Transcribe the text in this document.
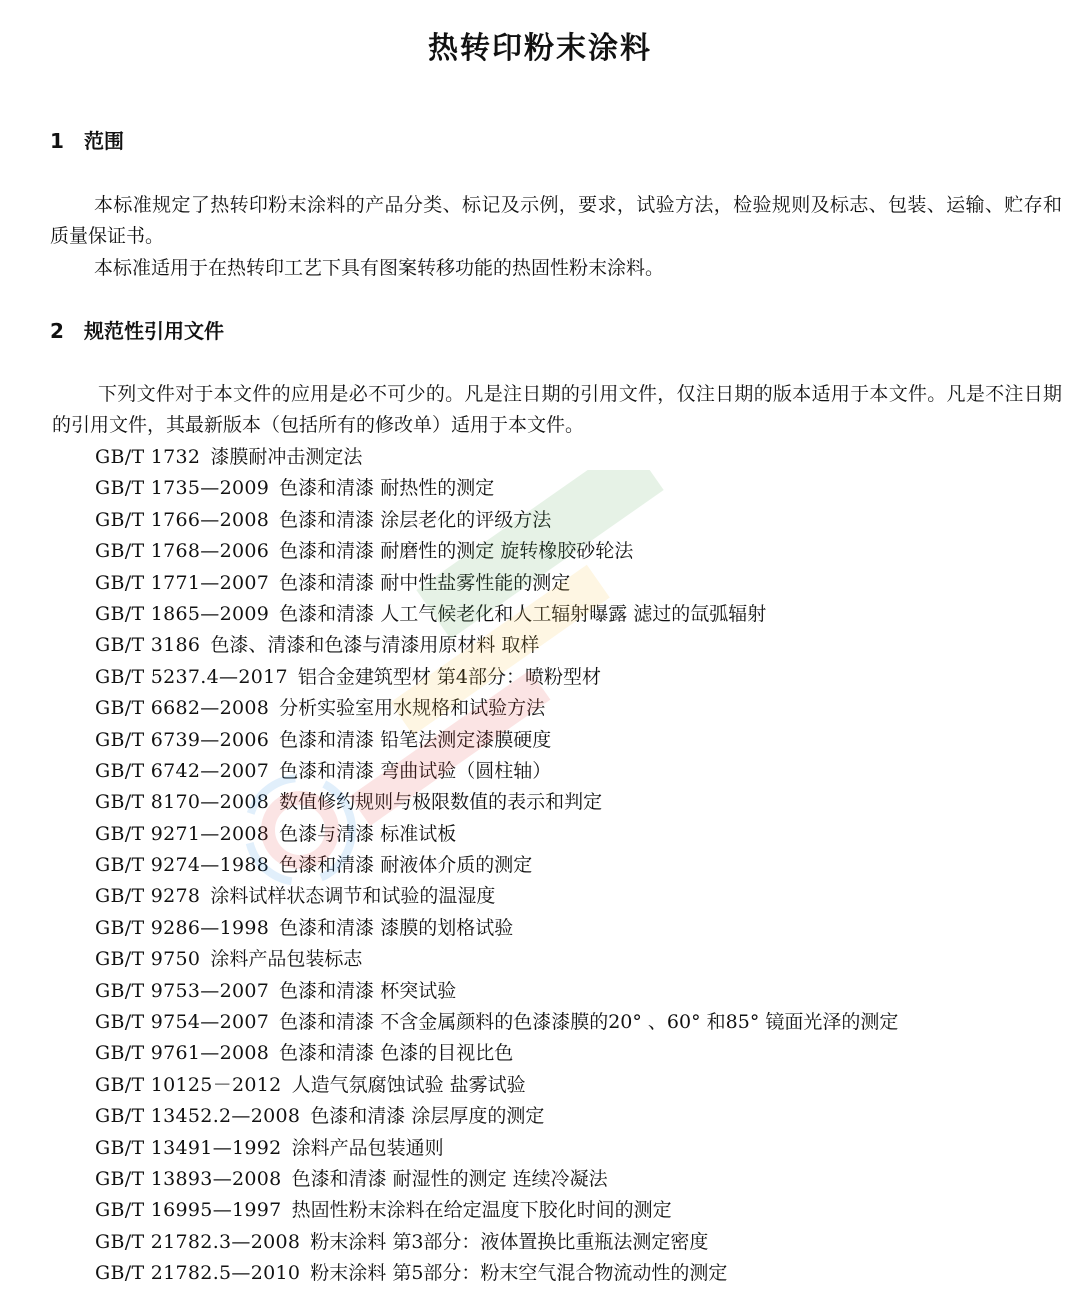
热转印粉末涂料
1 范围

本标准规定了热转印粉末涂料的产品分类、标记及示例，要求，试验方法，检验规则及标志、包装、运输、贮存和质量保证书。

本标准适用于在热转印工艺下具有图案转移功能的热固性粉末涂料。

2 规范性引用文件

下列文件对于本文件的应用是必不可少的。凡是注日期的引用文件，仅注日期的版本适用于本文件。凡是不注日期的引用文件，其最新版本（包括所有的修改单）适用于本文件。

GB/T 1732 漆膜耐冲击测定法
GB/T 1735—2009 色漆和清漆 耐热性的测定
GB/T 1766—2008 色漆和清漆 涂层老化的评级方法
GB/T 1768—2006 色漆和清漆 耐磨性的测定 旋转橡胶砂轮法
GB/T 1771—2007 色漆和清漆 耐中性盐雾性能的测定
GB/T 1865—2009 色漆和清漆 人工气候老化和人工辐射曝露 滤过的氙弧辐射
GB/T 3186 色漆、清漆和色漆与清漆用原材料 取样
GB/T 5237.4—2017 铝合金建筑型材 第4部分：喷粉型材
GB/T 6682—2008 分析实验室用水规格和试验方法
GB/T 6739—2006 色漆和清漆 铅笔法测定漆膜硬度
GB/T 6742—2007 色漆和清漆 弯曲试验（圆柱轴）
GB/T 8170—2008 数值修约规则与极限数值的表示和判定
GB/T 9271—2008 色漆与清漆 标准试板
GB/T 9274—1988 色漆和清漆 耐液体介质的测定
GB/T 9278 涂料试样状态调节和试验的温湿度
GB/T 9286—1998 色漆和清漆 漆膜的划格试验
GB/T 9750 涂料产品包装标志
GB/T 9753—2007 色漆和清漆 杯突试验
GB/T 9754—2007 色漆和清漆 不含金属颜料的色漆漆膜的20° 、60° 和85° 镜面光泽的测定
GB/T 9761—2008 色漆和清漆 色漆的目视比色
GB/T 10125－2012 人造气氛腐蚀试验 盐雾试验
GB/T 13452.2—2008 色漆和清漆 涂层厚度的测定
GB/T 13491—1992 涂料产品包装通则
GB/T 13893—2008 色漆和清漆 耐湿性的测定 连续冷凝法
GB/T 16995—1997 热固性粉末涂料在给定温度下胶化时间的测定
GB/T 21782.3—2008 粉末涂料 第3部分：液体置换比重瓶法测定密度
GB/T 21782.5—2010 粉末涂料 第5部分：粉末空气混合物流动性的测定
